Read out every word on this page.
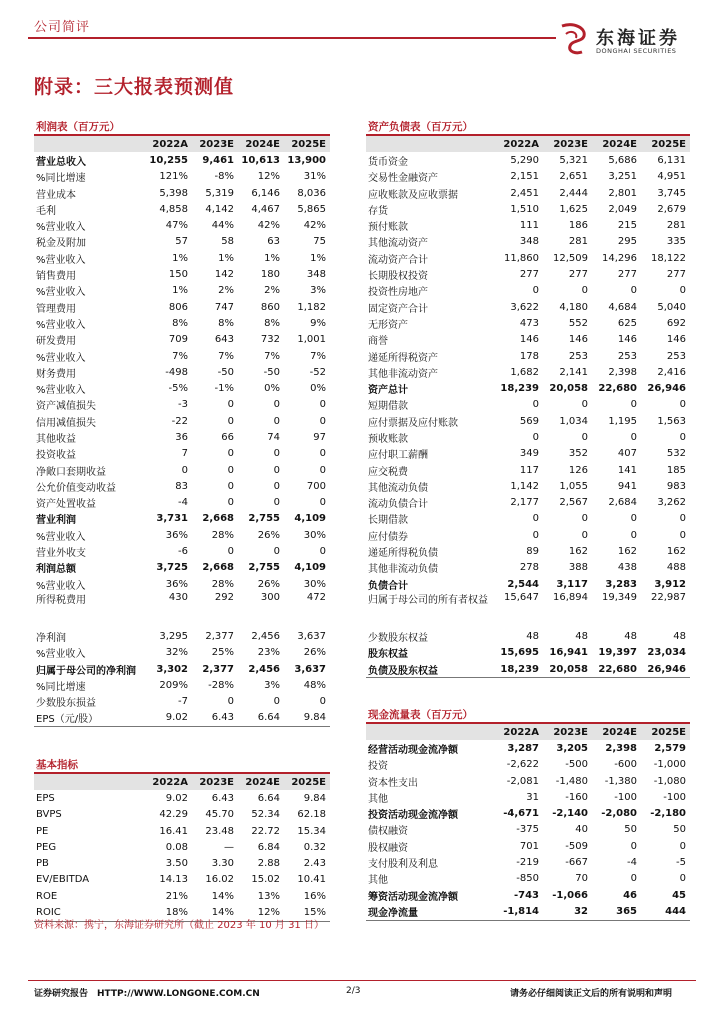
公司简评
东海证券
DONGHAI SECURITIES
附录：三大报表预测值
利润表（百万元）
	2022A	2023E	2024E	2025E
营业总收入	10,255	9,461	10,613	13,900
%同比增速	121%	-8%	12%	31%
营业成本	5,398	5,319	6,146	8,036
毛利	4,858	4,142	4,467	5,865
%营业收入	47%	44%	42%	42%
税金及附加	57	58	63	75
%营业收入	1%	1%	1%	1%
销售费用	150	142	180	348
%营业收入	1%	2%	2%	3%
管理费用	806	747	860	1,182
%营业收入	8%	8%	8%	9%
研发费用	709	643	732	1,001
%营业收入	7%	7%	7%	7%
财务费用	-498	-50	-50	-52
%营业收入	-5%	-1%	0%	0%
资产减值损失	-3	0	0	0
信用减值损失	-22	0	0	0
其他收益	36	66	74	97
投资收益	7	0	0	0
净敞口套期收益	0	0	0	0
公允价值变动收益	83	0	0	700
资产处置收益	-4	0	0	0
营业利润	3,731	2,668	2,755	4,109
%营业收入	36%	28%	26%	30%
营业外收支	-6	0	0	0
利润总额	3,725	2,668	2,755	4,109
%营业收入	36%	28%	26%	30%
所得税费用	430	292	300	472
净利润	3,295	2,377	2,456	3,637
%营业收入	32%	25%	23%	26%
归属于母公司的净利润	3,302	2,377	2,456	3,637
%同比增速	209%	-28%	3%	48%
少数股东损益	-7	0	0	0
EPS（元/股）	9.02	6.43	6.64	9.84
基本指标
	2022A	2023E	2024E	2025E
EPS	9.02	6.43	6.64	9.84
BVPS	42.29	45.70	52.34	62.18
PE	16.41	23.48	22.72	15.34
PEG	0.08	—	6.84	0.32
PB	3.50	3.30	2.88	2.43
EV/EBITDA	14.13	16.02	15.02	10.41
ROE	21%	14%	13%	16%
ROIC	18%	14%	12%	15%
资产负债表（百万元）
	2022A	2023E	2024E	2025E
货币资金	5,290	5,321	5,686	6,131
交易性金融资产	2,151	2,651	3,251	4,951
应收账款及应收票据	2,451	2,444	2,801	3,745
存货	1,510	1,625	2,049	2,679
预付账款	111	186	215	281
其他流动资产	348	281	295	335
流动资产合计	11,860	12,509	14,296	18,122
长期股权投资	277	277	277	277
投资性房地产	0	0	0	0
固定资产合计	3,622	4,180	4,684	5,040
无形资产	473	552	625	692
商誉	146	146	146	146
递延所得税资产	178	253	253	253
其他非流动资产	1,682	2,141	2,398	2,416
资产总计	18,239	20,058	22,680	26,946
短期借款	0	0	0	0
应付票据及应付账款	569	1,034	1,195	1,563
预收账款	0	0	0	0
应付职工薪酬	349	352	407	532
应交税费	117	126	141	185
其他流动负债	1,142	1,055	941	983
流动负债合计	2,177	2,567	2,684	3,262
长期借款	0	0	0	0
应付债券	0	0	0	0
递延所得税负债	89	162	162	162
其他非流动负债	278	388	438	488
负债合计	2,544	3,117	3,283	3,912
归属于母公司的所有者权益	15,647	16,894	19,349	22,987
少数股东权益	48	48	48	48
股东权益	15,695	16,941	19,397	23,034
负债及股东权益	18,239	20,058	22,680	26,946
现金流量表（百万元）
	2022A	2023E	2024E	2025E
经营活动现金流净额	3,287	3,205	2,398	2,579
投资	-2,622	-500	-600	-1,000
资本性支出	-2,081	-1,480	-1,380	-1,080
其他	31	-160	-100	-100
投资活动现金流净额	-4,671	-2,140	-2,080	-2,180
债权融资	-375	40	50	50
股权融资	701	-509	0	0
支付股利及利息	-219	-667	-4	-5
其他	-850	70	0	0
筹资活动现金流净额	-743	-1,066	46	45
现金净流量	-1,814	32	365	444
资料来源：携宁，东海证券研究所（截止 2023 年 10 月 31 日）
证券研究报告　HTTP://WWW.LONGONE.COM.CN	2/3	请务必仔细阅读正文后的所有说明和声明
